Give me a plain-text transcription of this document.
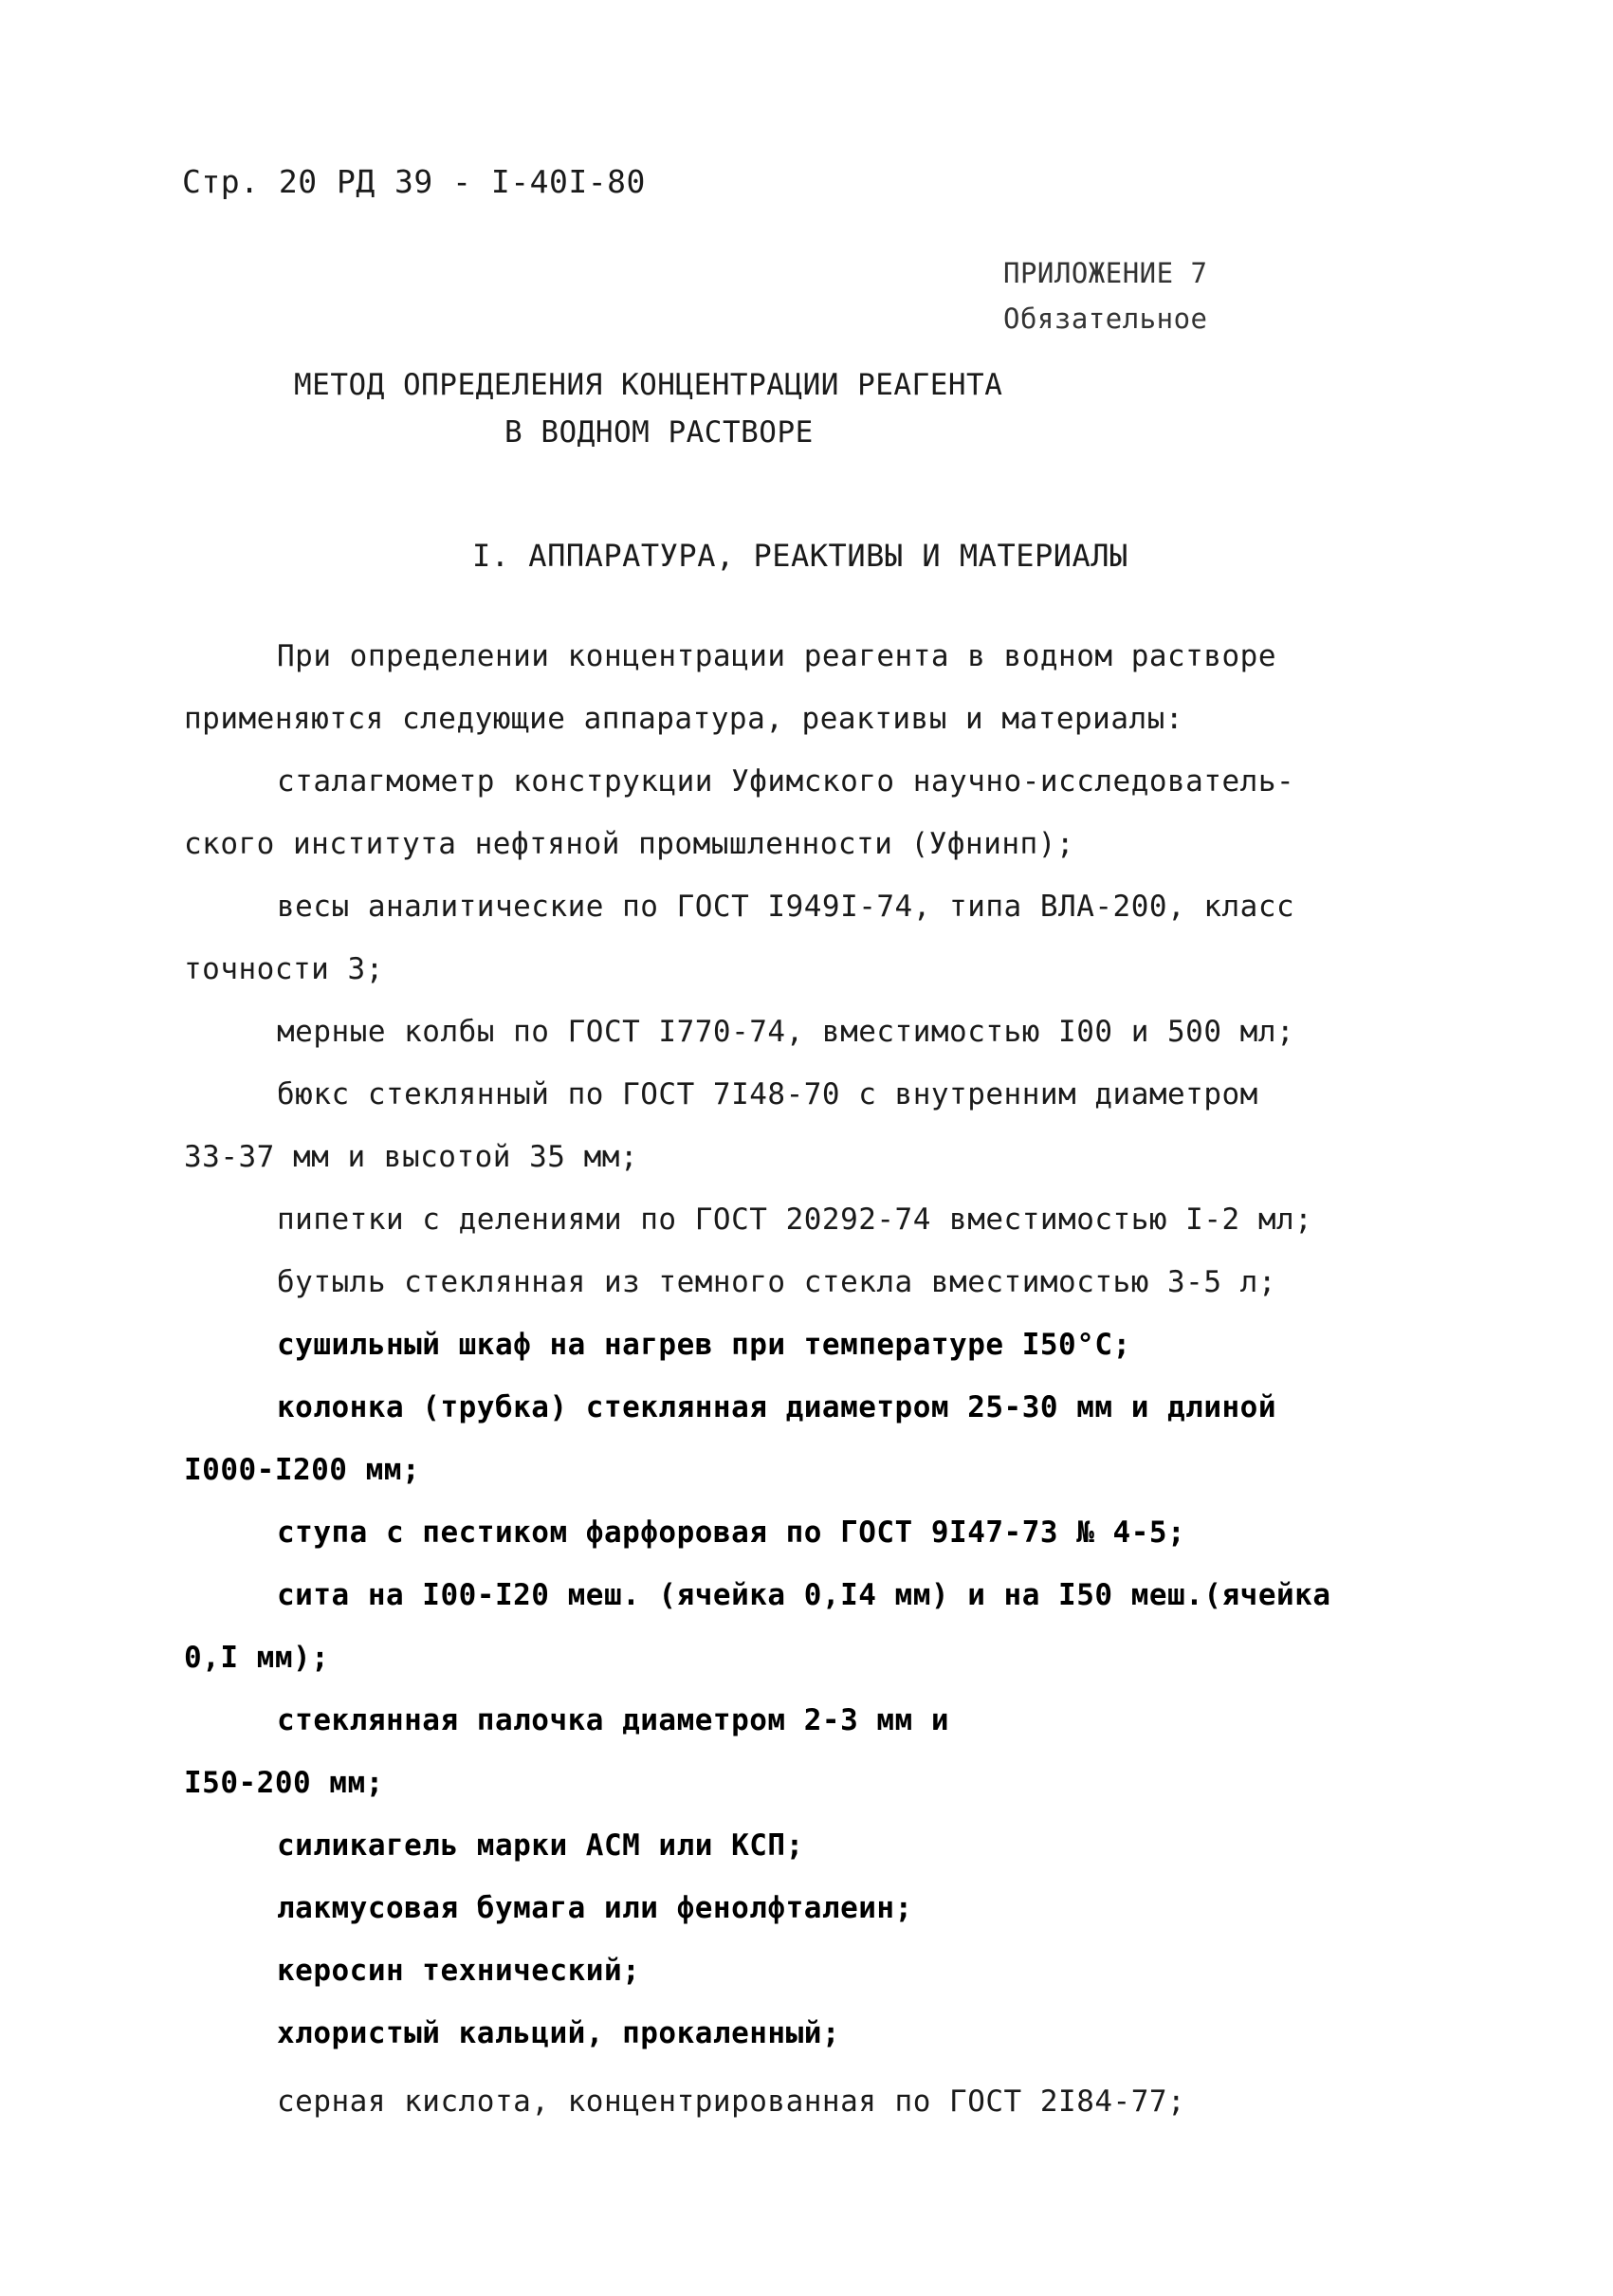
Стр. 20 РД 39 - I-40I-80
ПРИЛОЖЕНИЕ 7
Обязательное
МЕТОД ОПРЕДЕЛЕНИЯ КОНЦЕНТРАЦИИ РЕАГЕНТА
В ВОДНОМ РАСТВОРЕ
I. АППАРАТУРА, РЕАКТИВЫ И МАТЕРИАЛЫ
При определении концентрации реагента в водном растворе
применяются следующие аппаратура, реактивы и материалы:
сталагмометр конструкции Уфимского научно-исследователь-
ского института нефтяной промышленности (Уфнинп);
весы аналитические по ГОСТ I949I-74, типа ВЛА-200, класс
точности 3;
мерные колбы по ГОСТ I770-74, вместимостью I00 и 500 мл;
бюкс стеклянный по ГОСТ 7I48-70 с внутренним диаметром
33-37 мм и высотой 35 мм;
пипетки с делениями по ГОСТ 20292-74 вместимостью I-2 мл;
бутыль стеклянная из темного стекла вместимостью 3-5 л;
сушильный шкаф на нагрев при температуре I50°С;
колонка (трубка) стеклянная диаметром 25-30 мм и длиной
I000-I200 мм;
ступа с пестиком фарфоровая по ГОСТ 9I47-73 № 4-5;
сита на I00-I20 меш. (ячейка 0,I4 мм) и на I50 меш.(ячейка
0,I мм);
стеклянная палочка диаметром 2-3 мм и
I50-200 мм;
силикагель марки АСМ или КСП;
лакмусовая бумага или фенолфталеин;
керосин технический;
хлористый кальций, прокаленный;
серная кислота, концентрированная по ГОСТ 2I84-77;
